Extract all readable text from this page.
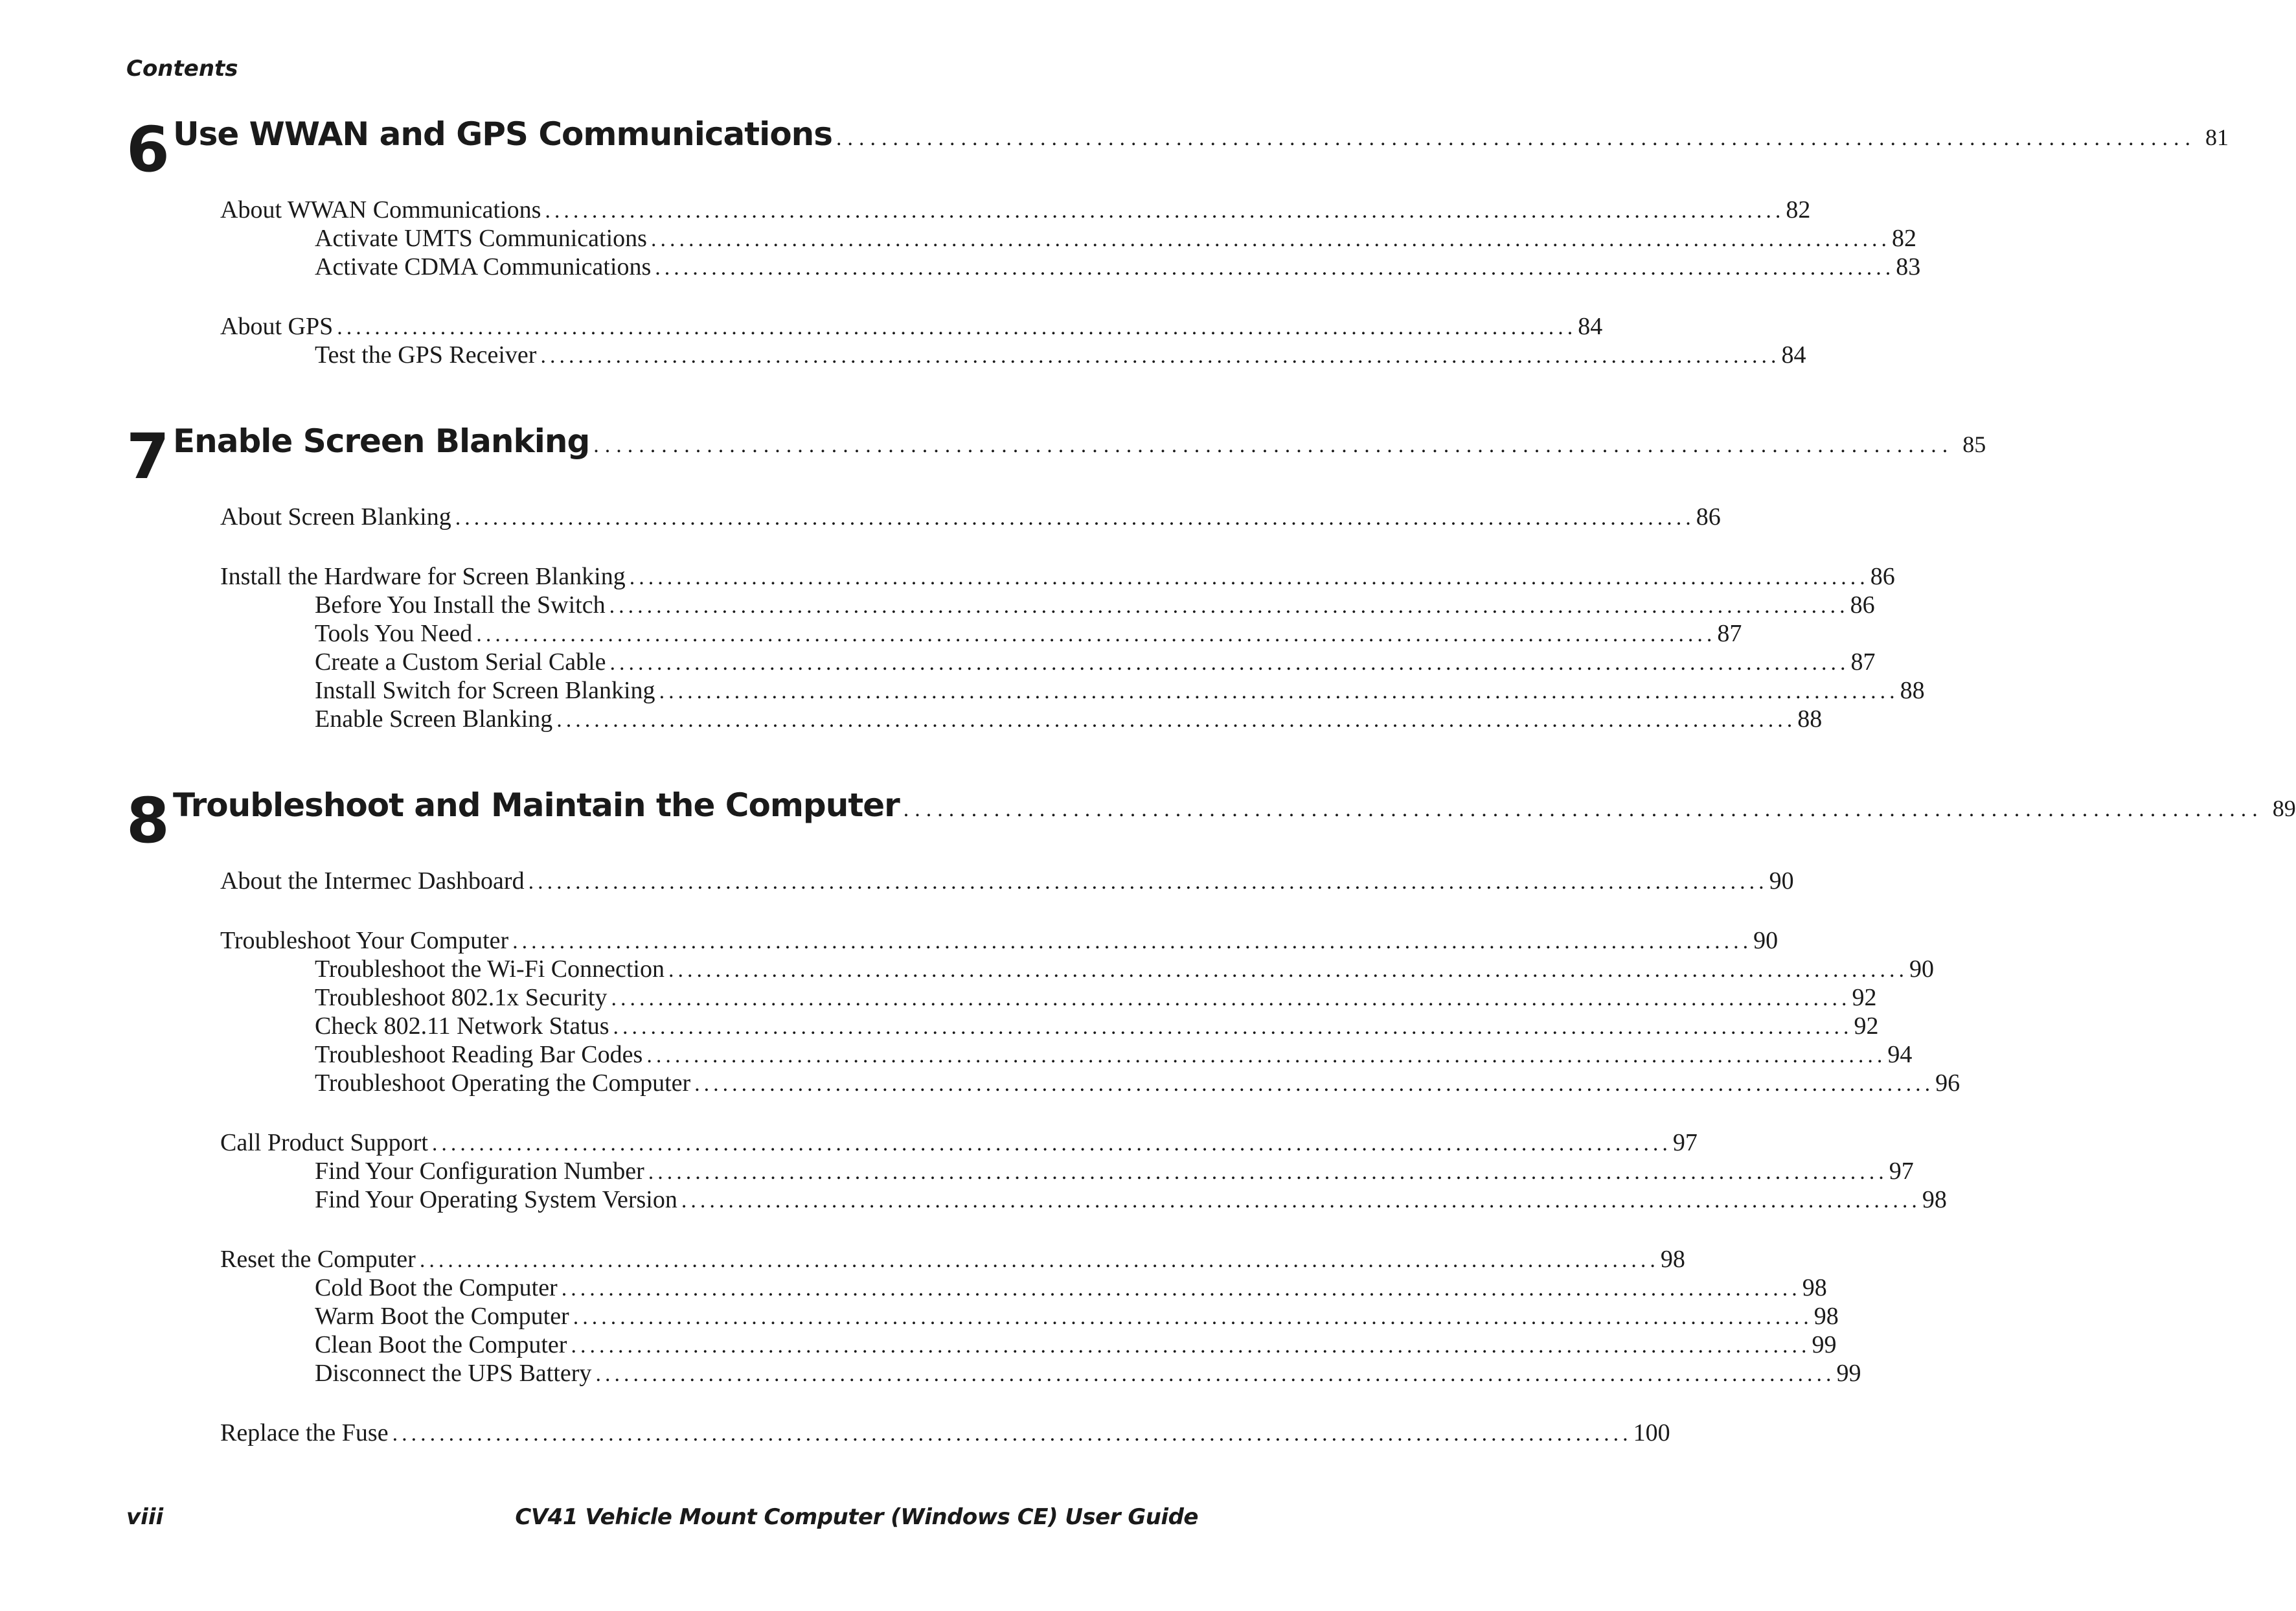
Contents
6 Use WWAN and GPS Communications ........................................................................................................................ 81
About WWAN Communications .................................................................................................................................... 82
Activate UMTS Communications .................................................................................................................................... 82
Activate CDMA Communications .................................................................................................................................... 83
About GPS .................................................................................................................................... 84
Test the GPS Receiver .................................................................................................................................... 84
7 Enable Screen Blanking ........................................................................................................................ 85
About Screen Blanking .................................................................................................................................... 86
Install the Hardware for Screen Blanking .................................................................................................................................... 86
Before You Install the Switch .................................................................................................................................... 86
Tools You Need .................................................................................................................................... 87
Create a Custom Serial Cable .................................................................................................................................... 87
Install Switch for Screen Blanking .................................................................................................................................... 88
Enable Screen Blanking .................................................................................................................................... 88
8 Troubleshoot and Maintain the Computer ........................................................................................................................ 89
About the Intermec Dashboard .................................................................................................................................... 90
Troubleshoot Your Computer .................................................................................................................................... 90
Troubleshoot the Wi-Fi Connection .................................................................................................................................... 90
Troubleshoot 802.1x Security .................................................................................................................................... 92
Check 802.11 Network Status .................................................................................................................................... 92
Troubleshoot Reading Bar Codes .................................................................................................................................... 94
Troubleshoot Operating the Computer .................................................................................................................................... 96
Call Product Support .................................................................................................................................... 97
Find Your Configuration Number .................................................................................................................................... 97
Find Your Operating System Version .................................................................................................................................... 98
Reset the Computer .................................................................................................................................... 98
Cold Boot the Computer .................................................................................................................................... 98
Warm Boot the Computer .................................................................................................................................... 98
Clean Boot the Computer .................................................................................................................................... 99
Disconnect the UPS Battery .................................................................................................................................... 99
Replace the Fuse .................................................................................................................................... 100
viii	CV41 Vehicle Mount Computer (Windows CE) User Guide
